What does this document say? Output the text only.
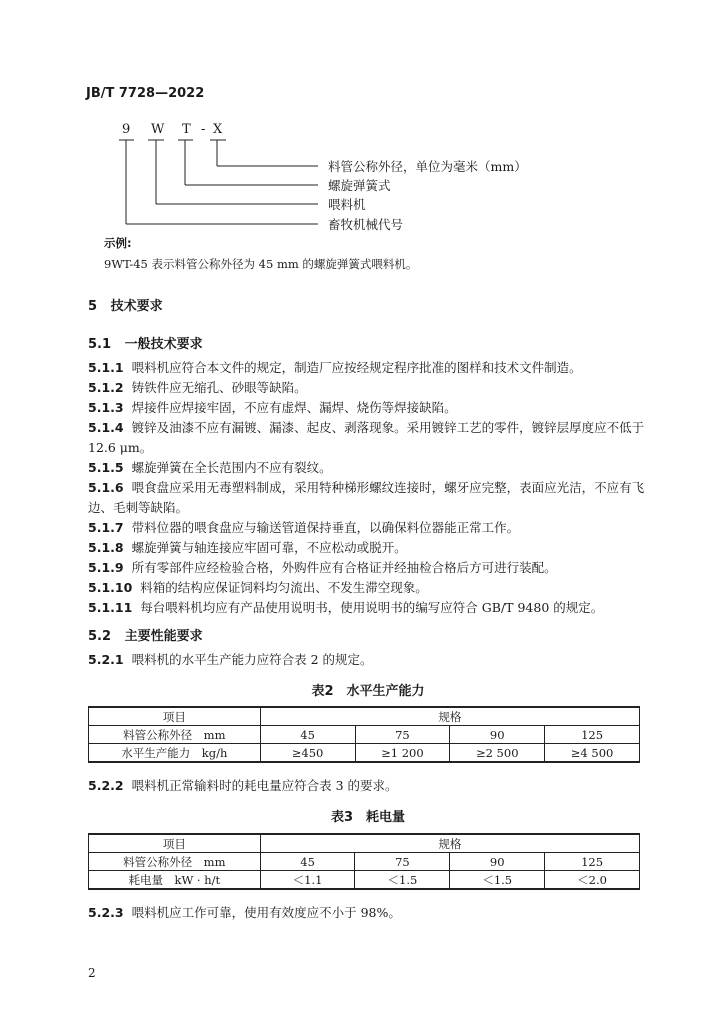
JB/T 7728—2022
9 W T - X
料管公称外径，单位为毫米（mm）
螺旋弹簧式
喂料机
畜牧机械代号
示例:
9WT-45 表示料管公称外径为 45 mm 的螺旋弹簧式喂料机。
5 技术要求
5.1 一般技术要求
5.1.1 喂料机应符合本文件的规定，制造厂应按经规定程序批准的图样和技术文件制造。
5.1.2 铸铁件应无缩孔、砂眼等缺陷。
5.1.3 焊接件应焊接牢固，不应有虚焊、漏焊、烧伤等焊接缺陷。
5.1.4 镀锌及油漆不应有漏镀、漏漆、起皮、剥落现象。采用镀锌工艺的零件，镀锌层厚度应不低于 12.6 μm。
5.1.5 螺旋弹簧在全长范围内不应有裂纹。
5.1.6 喂食盘应采用无毒塑料制成，采用特种梯形螺纹连接时，螺牙应完整，表面应光洁，不应有飞边、毛刺等缺陷。
5.1.7 带料位器的喂食盘应与输送管道保持垂直，以确保料位器能正常工作。
5.1.8 螺旋弹簧与轴连接应牢固可靠，不应松动或脱开。
5.1.9 所有零部件应经检验合格，外购件应有合格证并经抽检合格后方可进行装配。
5.1.10 料箱的结构应保证饲料均匀流出、不发生滞空现象。
5.1.11 每台喂料机均应有产品使用说明书，使用说明书的编写应符合 GB/T 9480 的规定。
5.2 主要性能要求
5.2.1 喂料机的水平生产能力应符合表 2 的规定。
表2　水平生产能力
项目	规格			
料管公称外径　mm	45	75	90	125
水平生产能力　kg/h	≥450	≥1 200	≥2 500	≥4 500
5.2.2 喂料机正常输料时的耗电量应符合表 3 的要求。
表3　耗电量
项目	规格			
料管公称外径　mm	45	75	90	125
耗电量　kW · h/t	＜1.1	＜1.5	＜1.5	＜2.0
5.2.3 喂料机应工作可靠，使用有效度应不小于 98%。
2
